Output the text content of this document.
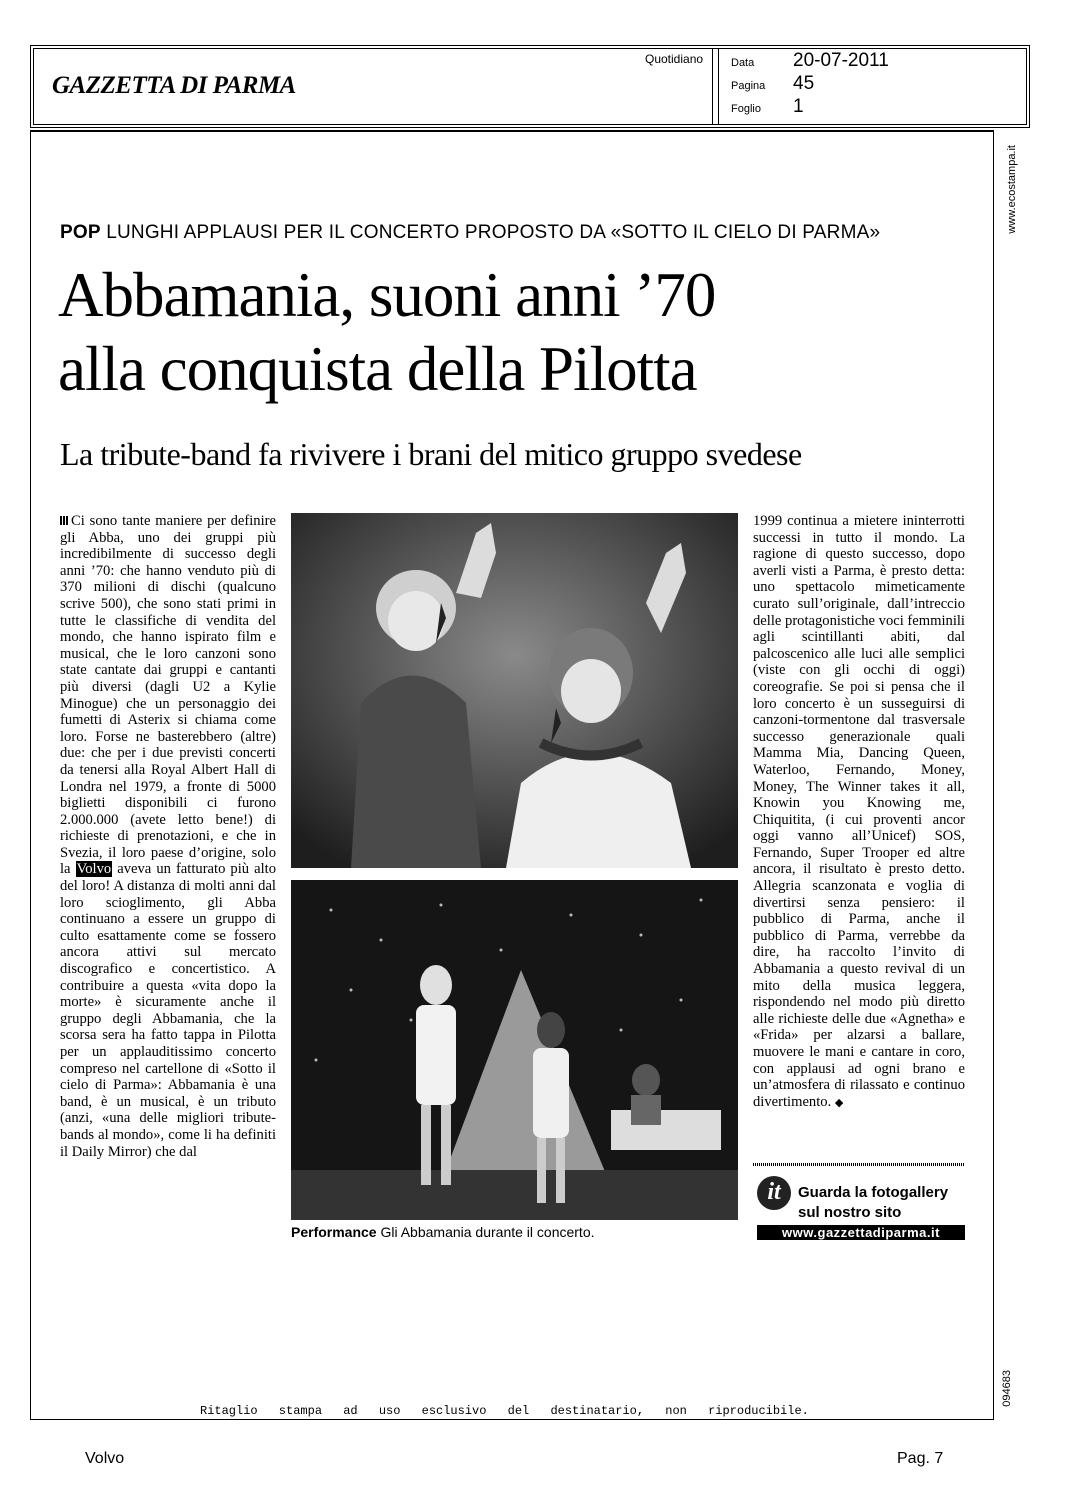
GAZZETTA DI PARMA
Quotidiano	Data 20-07-2011
Pagina 45
Foglio 1
www.ecostampa.it
POP LUNGHI APPLAUSI PER IL CONCERTO PROPOSTO DA «SOTTO IL CIELO DI PARMA»
Abbamania, suoni anni ’70
alla conquista della Pilotta
La tribute-band fa rivivere i brani del mitico gruppo svedese
Ci sono tante maniere per definire gli Abba, uno dei gruppi più incredibilmente di successo degli anni ’70: che hanno venduto più di 370 milioni di dischi (qualcuno scrive 500), che sono stati primi in tutte le classifiche di vendita del mondo, che hanno ispirato film e musical, che le loro canzoni sono state cantate dai gruppi e cantanti più diversi (dagli U2 a Kylie Minogue) che un personaggio dei fumetti di Asterix si chiama come loro. Forse ne basterebbero (altre) due: che per i due previsti concerti da tenersi alla Royal Albert Hall di Londra nel 1979, a fronte di 5000 biglietti disponibili ci furono 2.000.000 (avete letto bene!) di richieste di prenotazioni, e che in Svezia, il loro paese d’origine, solo la Volvo aveva un fatturato più alto del loro! A distanza di molti anni dal loro scioglimento, gli Abba continuano a essere un gruppo di culto esattamente come se fossero ancora attivi sul mercato discografico e concertistico. A contribuire a questa «vita dopo la morte» è sicuramente anche il gruppo degli Abbamania, che la scorsa sera ha fatto tappa in Pilotta per un applauditissimo concerto compreso nel cartellone di «Sotto il cielo di Parma»: Abbamania è una band, è un musical, è un tributo (anzi, «una delle migliori tribute-bands al mondo», come li ha definiti il Daily Mirror) che dal
Performance Gli Abbamania durante il concerto.
1999 continua a mietere ininterrotti successi in tutto il mondo. La ragione di questo successo, dopo averli visti a Parma, è presto detta: uno spettacolo mimeticamente curato sull’originale, dall’intreccio delle protagonistiche voci femminili agli scintillanti abiti, dal palcoscenico alle luci alle semplici (viste con gli occhi di oggi) coreografie. Se poi si pensa che il loro concerto è un susseguirsi di canzoni-tormentone dal trasversale successo generazionale quali Mamma Mia, Dancing Queen, Waterloo, Fernando, Money, Money, The Winner takes it all, Knowin you Knowing me, Chiquitita, (i cui proventi ancor oggi vanno all’Unicef) SOS, Fernando, Super Trooper ed altre ancora, il risultato è presto detto. Allegria scanzonata e voglia di divertirsi senza pensiero: il pubblico di Parma, anche il pubblico di Parma, verrebbe da dire, ha raccolto l’invito di Abbamania a questo revival di un mito della musica leggera, rispondendo nel modo più diretto alle richieste delle due «Agnetha» e «Frida» per alzarsi a ballare, muovere le mani e cantare in coro, con applausi ad ogni brano e un’atmosfera di rilassato e continuo divertimento. ◆
it	Guarda la fotogallery
sul nostro sito
www.gazzettadiparma.it
Ritaglio stampa ad uso esclusivo del destinatario, non riproducibile.
094683
Volvo	Pag. 7
